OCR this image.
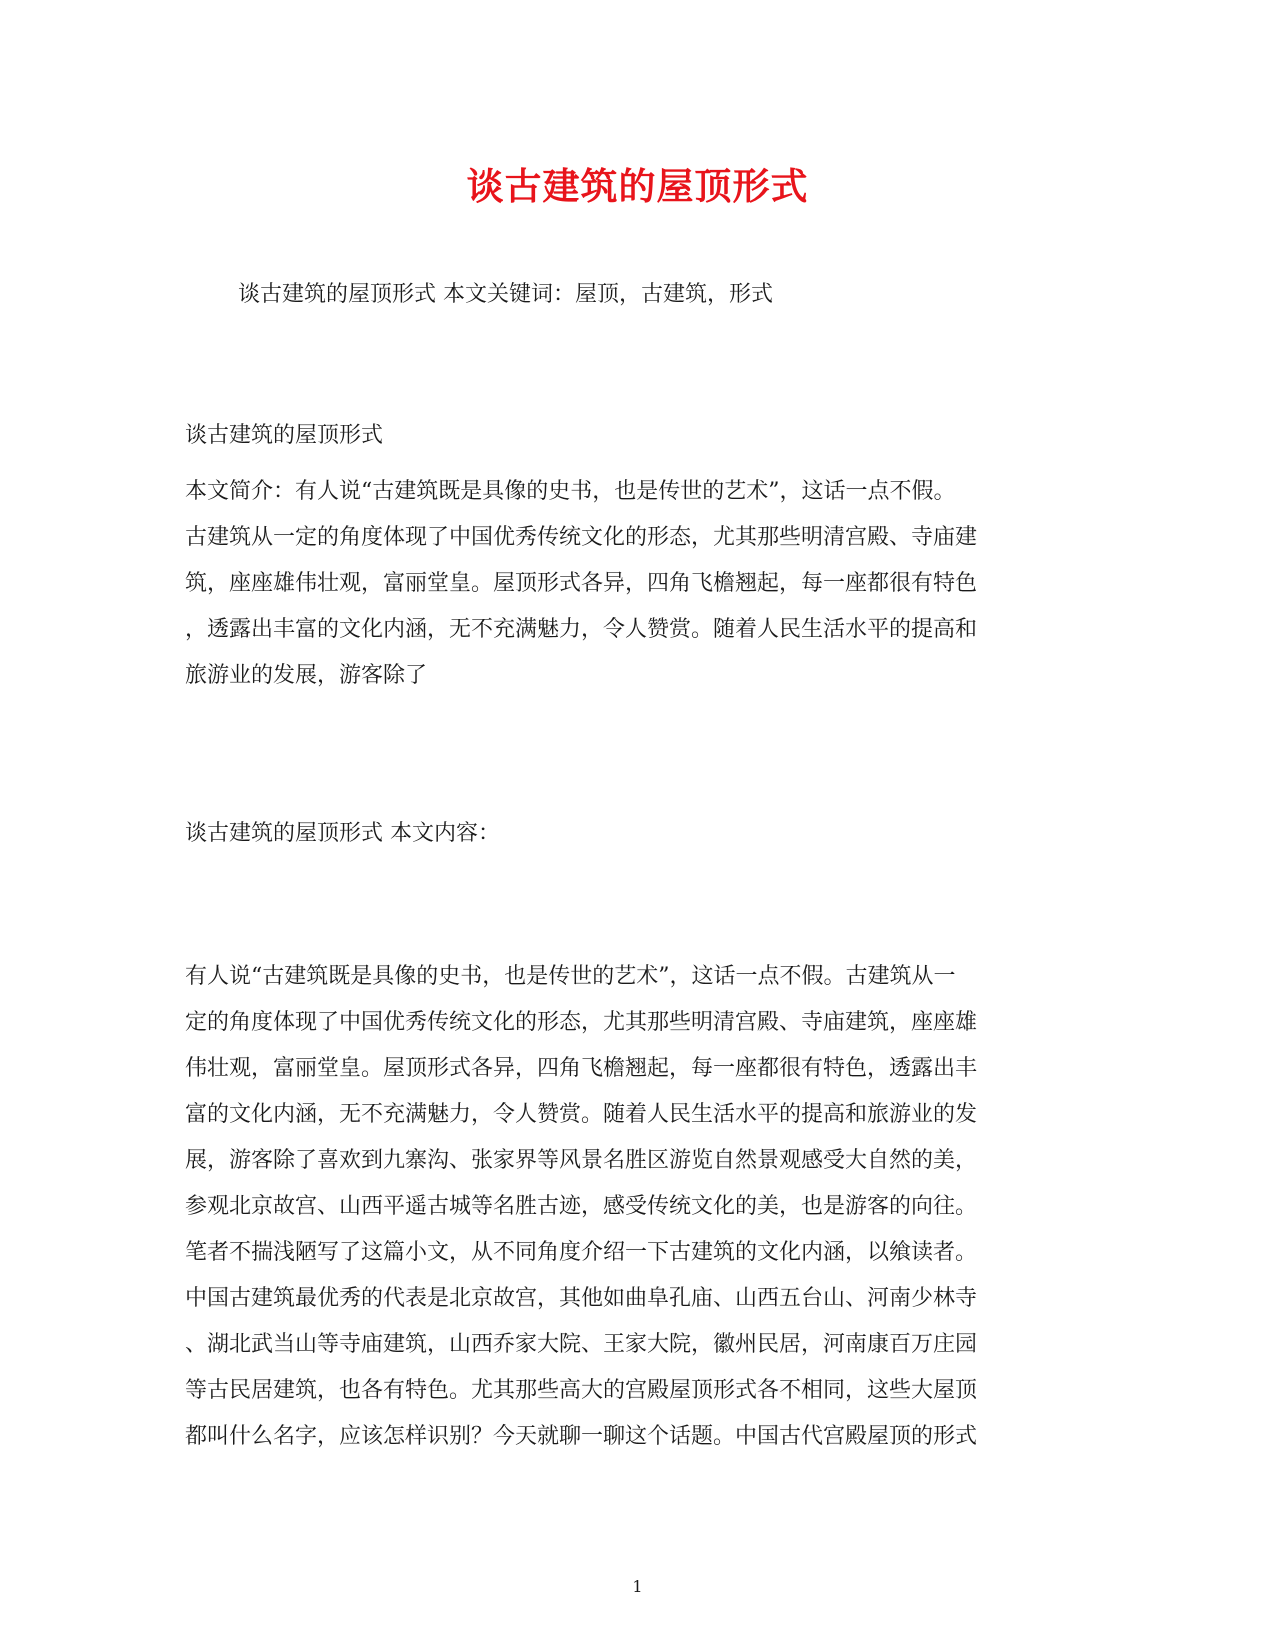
谈古建筑的屋顶形式
谈古建筑的屋顶形式 本文关键词：屋顶，古建筑，形式
谈古建筑的屋顶形式
本文简介：有人说“古建筑既是具像的史书，也是传世的艺术”，这话一点不假。
古建筑从一定的角度体现了中国优秀传统文化的形态，尤其那些明清宫殿、寺庙建
筑，座座雄伟壮观，富丽堂皇。屋顶形式各异，四角飞檐翘起，每一座都很有特色
，透露出丰富的文化内涵，无不充满魅力，令人赞赏。随着人民生活水平的提高和
旅游业的发展，游客除了
谈古建筑的屋顶形式 本文内容：
有人说“古建筑既是具像的史书，也是传世的艺术”，这话一点不假。古建筑从一
定的角度体现了中国优秀传统文化的形态，尤其那些明清宫殿、寺庙建筑，座座雄
伟壮观，富丽堂皇。屋顶形式各异，四角飞檐翘起，每一座都很有特色，透露出丰
富的文化内涵，无不充满魅力，令人赞赏。随着人民生活水平的提高和旅游业的发
展，游客除了喜欢到九寨沟、张家界等风景名胜区游览自然景观感受大自然的美，
参观北京故宫、山西平遥古城等名胜古迹，感受传统文化的美，也是游客的向往。
笔者不揣浅陋写了这篇小文，从不同角度介绍一下古建筑的文化内涵，以飨读者。
中国古建筑最优秀的代表是北京故宫，其他如曲阜孔庙、山西五台山、河南少林寺
、湖北武当山等寺庙建筑，山西乔家大院、王家大院，徽州民居，河南康百万庄园
等古民居建筑，也各有特色。尤其那些高大的宫殿屋顶形式各不相同，这些大屋顶
都叫什么名字，应该怎样识别？今天就聊一聊这个话题。中国古代宫殿屋顶的形式
1
